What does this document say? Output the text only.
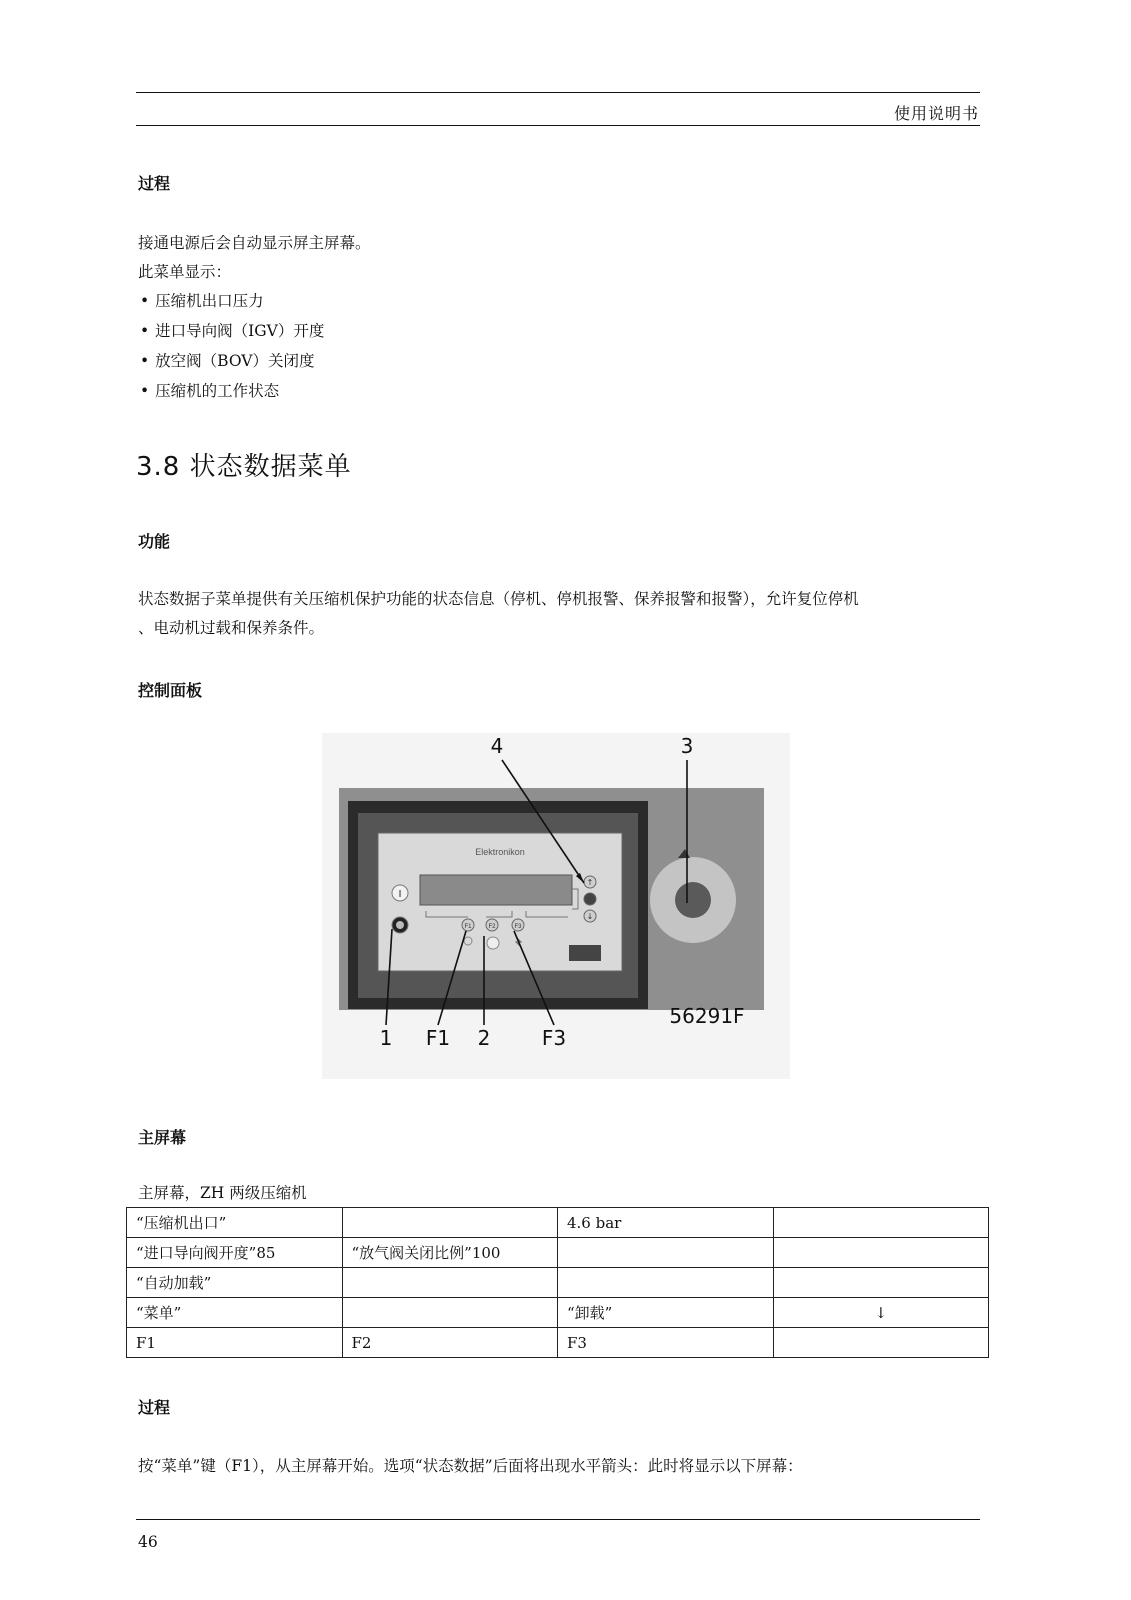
使用说明书
过程
接通电源后会自动显示屏主屏幕。
此菜单显示：
• 压缩机出口压力
• 进口导向阀（IGV）开度
• 放空阀（BOV）关闭度
• 压缩机的工作状态
3.8 状态数据菜单
功能
状态数据子菜单提供有关压缩机保护功能的状态信息（停机、停机报警、保养报警和报警），允许复位停机
、电动机过载和保养条件。
控制面板
Elektronikon
I
F1	F2	F3
↑
↓
4	3
1 F1 2	F3
56291F
主屏幕
主屏幕，ZH 两级压缩机
“压缩机出口”		4.6 bar	
“进口导向阀开度”85	“放气阀关闭比例”100		
“自动加载”			
“菜单”		“卸载”	↓
F1	F2	F3	
过程
按“菜单”键（F1），从主屏幕开始。选项“状态数据”后面将出现水平箭头：此时将显示以下屏幕：
46
